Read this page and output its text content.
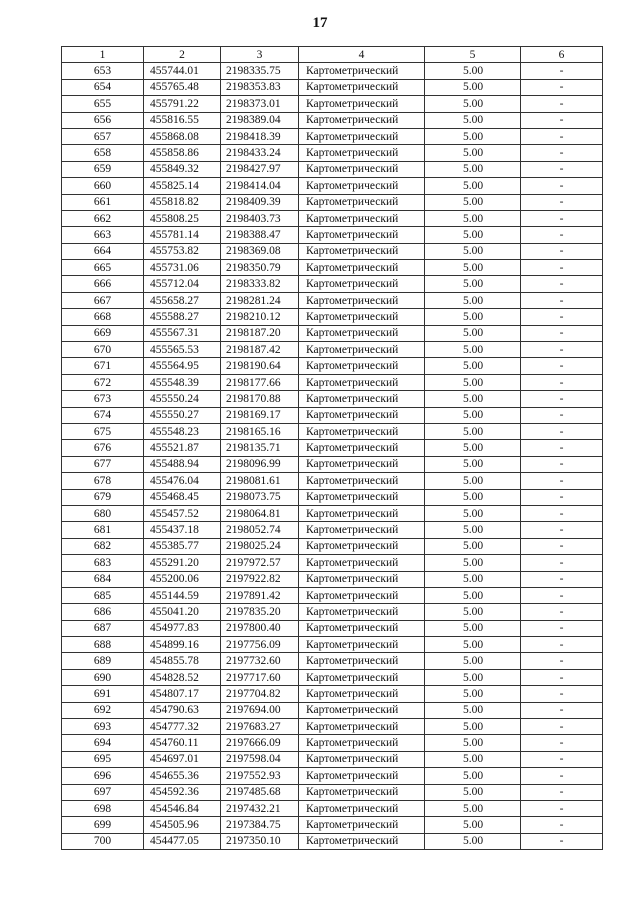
17
1	2	3	4	5	6
653	455744.01	2198335.75	Картометрический	5.00	-
654	455765.48	2198353.83	Картометрический	5.00	-
655	455791.22	2198373.01	Картометрический	5.00	-
656	455816.55	2198389.04	Картометрический	5.00	-
657	455868.08	2198418.39	Картометрический	5.00	-
658	455858.86	2198433.24	Картометрический	5.00	-
659	455849.32	2198427.97	Картометрический	5.00	-
660	455825.14	2198414.04	Картометрический	5.00	-
661	455818.82	2198409.39	Картометрический	5.00	-
662	455808.25	2198403.73	Картометрический	5.00	-
663	455781.14	2198388.47	Картометрический	5.00	-
664	455753.82	2198369.08	Картометрический	5.00	-
665	455731.06	2198350.79	Картометрический	5.00	-
666	455712.04	2198333.82	Картометрический	5.00	-
667	455658.27	2198281.24	Картометрический	5.00	-
668	455588.27	2198210.12	Картометрический	5.00	-
669	455567.31	2198187.20	Картометрический	5.00	-
670	455565.53	2198187.42	Картометрический	5.00	-
671	455564.95	2198190.64	Картометрический	5.00	-
672	455548.39	2198177.66	Картометрический	5.00	-
673	455550.24	2198170.88	Картометрический	5.00	-
674	455550.27	2198169.17	Картометрический	5.00	-
675	455548.23	2198165.16	Картометрический	5.00	-
676	455521.87	2198135.71	Картометрический	5.00	-
677	455488.94	2198096.99	Картометрический	5.00	-
678	455476.04	2198081.61	Картометрический	5.00	-
679	455468.45	2198073.75	Картометрический	5.00	-
680	455457.52	2198064.81	Картометрический	5.00	-
681	455437.18	2198052.74	Картометрический	5.00	-
682	455385.77	2198025.24	Картометрический	5.00	-
683	455291.20	2197972.57	Картометрический	5.00	-
684	455200.06	2197922.82	Картометрический	5.00	-
685	455144.59	2197891.42	Картометрический	5.00	-
686	455041.20	2197835.20	Картометрический	5.00	-
687	454977.83	2197800.40	Картометрический	5.00	-
688	454899.16	2197756.09	Картометрический	5.00	-
689	454855.78	2197732.60	Картометрический	5.00	-
690	454828.52	2197717.60	Картометрический	5.00	-
691	454807.17	2197704.82	Картометрический	5.00	-
692	454790.63	2197694.00	Картометрический	5.00	-
693	454777.32	2197683.27	Картометрический	5.00	-
694	454760.11	2197666.09	Картометрический	5.00	-
695	454697.01	2197598.04	Картометрический	5.00	-
696	454655.36	2197552.93	Картометрический	5.00	-
697	454592.36	2197485.68	Картометрический	5.00	-
698	454546.84	2197432.21	Картометрический	5.00	-
699	454505.96	2197384.75	Картометрический	5.00	-
700	454477.05	2197350.10	Картометрический	5.00	-
